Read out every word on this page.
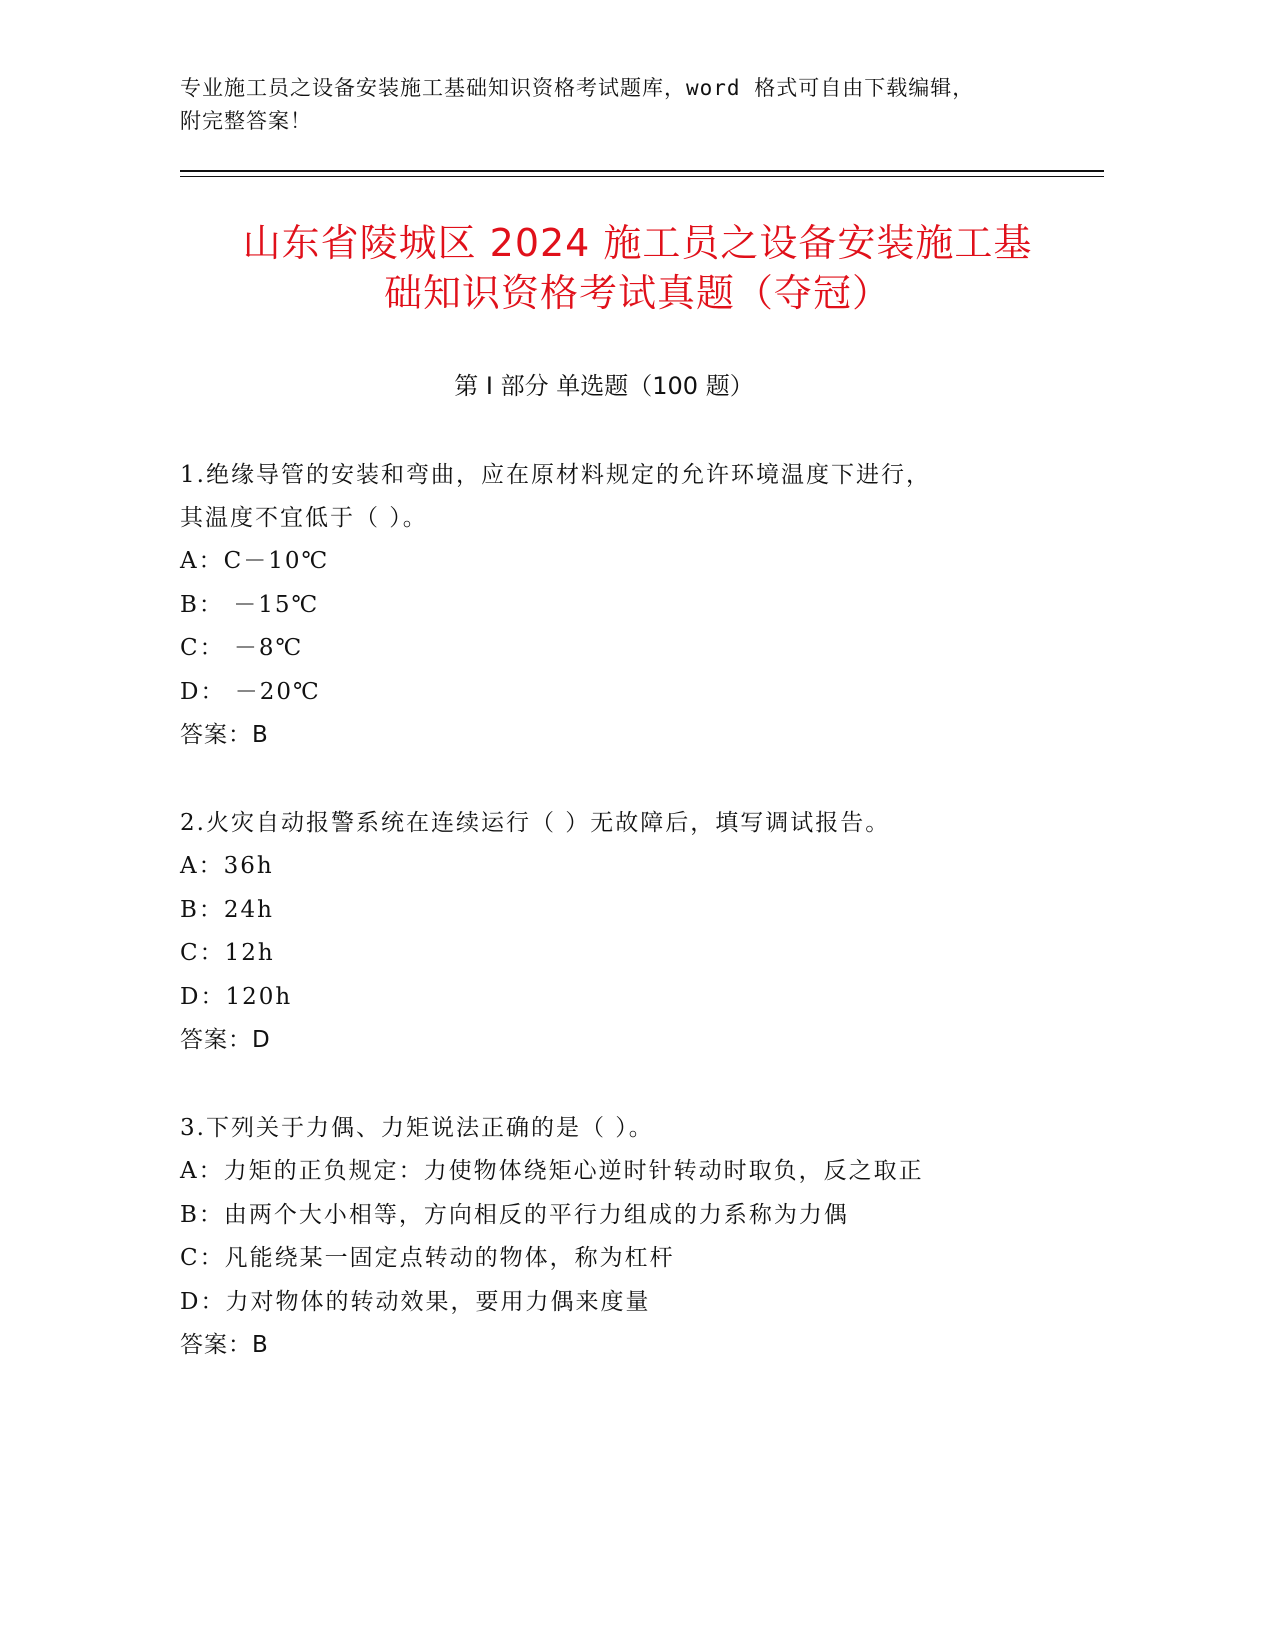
专业施工员之设备安装施工基础知识资格考试题库，word 格式可自由下载编辑，
附完整答案！
山东省陵城区 2024 施工员之设备安装施工基
础知识资格考试真题（夺冠）
第 I 部分 单选题（100 题）
1.绝缘导管的安装和弯曲，应在原材料规定的允许环境温度下进行，
其温度不宜低于（ ）。
A：C－10℃
B： －15℃
C： －8℃
D： －20℃
答案：B
2.火灾自动报警系统在连续运行（ ）无故障后，填写调试报告。
A：36h
B：24h
C：12h
D：120h
答案：D
3.下列关于力偶、力矩说法正确的是（ ）。
A：力矩的正负规定：力使物体绕矩心逆时针转动时取负，反之取正
B：由两个大小相等，方向相反的平行力组成的力系称为力偶
C：凡能绕某一固定点转动的物体，称为杠杆
D：力对物体的转动效果，要用力偶来度量
答案：B
